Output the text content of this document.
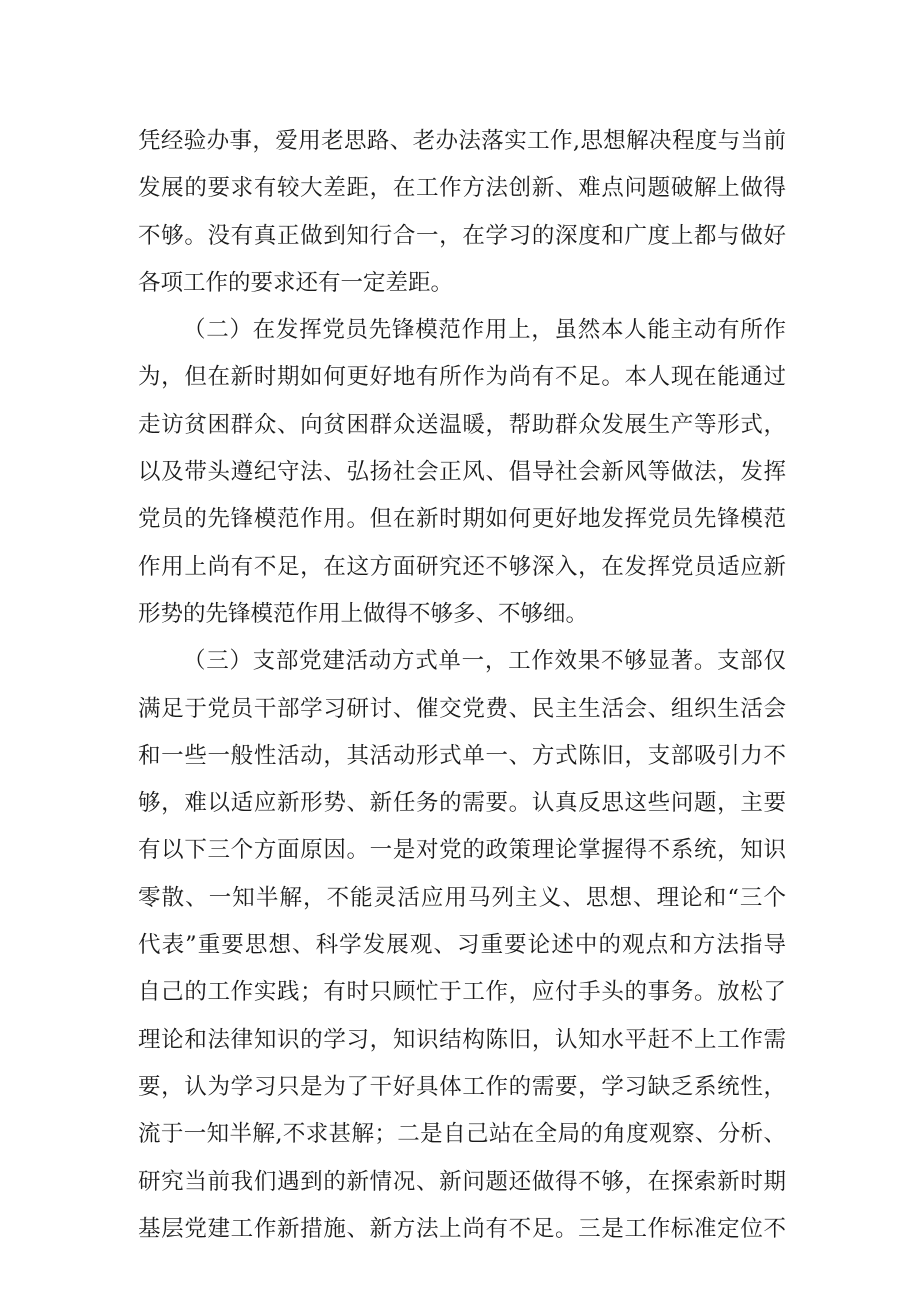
凭经验办事，爱用老思路、老办法落实工作,思想解决程度与当前
发展的要求有较大差距，在工作方法创新、难点问题破解上做得
不够。没有真正做到知行合一，在学习的深度和广度上都与做好
各项工作的要求还有一定差距。
（二）在发挥党员先锋模范作用上，虽然本人能主动有所作
为，但在新时期如何更好地有所作为尚有不足。本人现在能通过
走访贫困群众、向贫困群众送温暖，帮助群众发展生产等形式，
以及带头遵纪守法、弘扬社会正风、倡导社会新风等做法，发挥
党员的先锋模范作用。但在新时期如何更好地发挥党员先锋模范
作用上尚有不足，在这方面研究还不够深入，在发挥党员适应新
形势的先锋模范作用上做得不够多、不够细。
（三）支部党建活动方式单一，工作效果不够显著。支部仅
满足于党员干部学习研讨、催交党费、民主生活会、组织生活会
和一些一般性活动，其活动形式单一、方式陈旧，支部吸引力不
够，难以适应新形势、新任务的需要。认真反思这些问题，主要
有以下三个方面原因。一是对党的政策理论掌握得不系统，知识
零散、一知半解，不能灵活应用马列主义、思想、理论和“三个
代表”重要思想、科学发展观、习重要论述中的观点和方法指导
自己的工作实践；有时只顾忙于工作，应付手头的事务。放松了
理论和法律知识的学习，知识结构陈旧，认知水平赶不上工作需
要，认为学习只是为了干好具体工作的需要，学习缺乏系统性，
流于一知半解,不求甚解；二是自己站在全局的角度观察、分析、
研究当前我们遇到的新情况、新问题还做得不够，在探索新时期
基层党建工作新措施、新方法上尚有不足。三是工作标准定位不
